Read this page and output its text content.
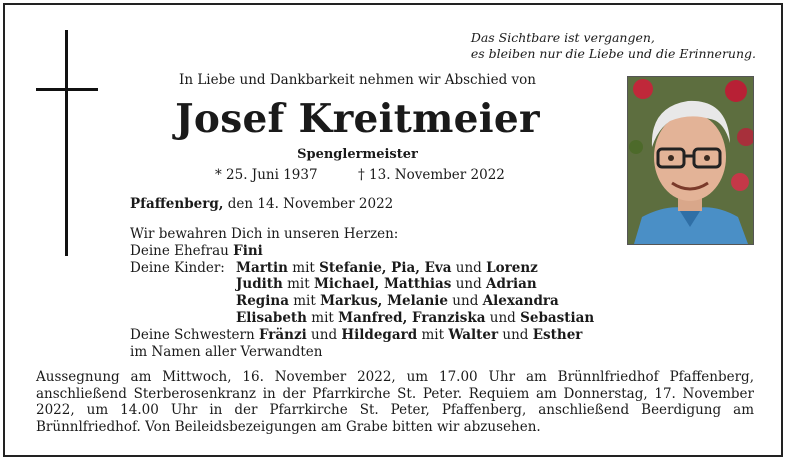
Das Sichtbare ist vergangen,
es bleiben nur die Liebe und die Erinnerung.
In Liebe und Dankbarkeit nehmen wir Abschied von
Josef Kreitmeier
Spenglermeister
* 25. Juni 1937	† 13. November 2022
Pfaffenberg, den 14. November 2022
Wir bewahren Dich in unseren Herzen:
Deine Ehefrau Fini
Deine Kinder: Martin mit Stefanie, Pia, Eva und Lorenz
Judith mit Michael, Matthias und Adrian
Regina mit Markus, Melanie und Alexandra
Elisabeth mit Manfred, Franziska und Sebastian
Deine Schwestern Fränzi und Hildegard mit Walter und Esther
im Namen aller Verwandten
Aussegnung am Mittwoch, 16. November 2022, um 17.00 Uhr am Brünnlfriedhof Pfaffenberg, anschließend Sterberosenkranz in der Pfarrkirche St. Peter. Requiem am Donnerstag, 17. November 2022, um 14.00 Uhr in der Pfarrkirche St. Peter, Pfaffenberg, anschließend Beerdigung am Brünnlfriedhof. Von Beileidsbezeigungen am Grabe bitten wir abzusehen.
